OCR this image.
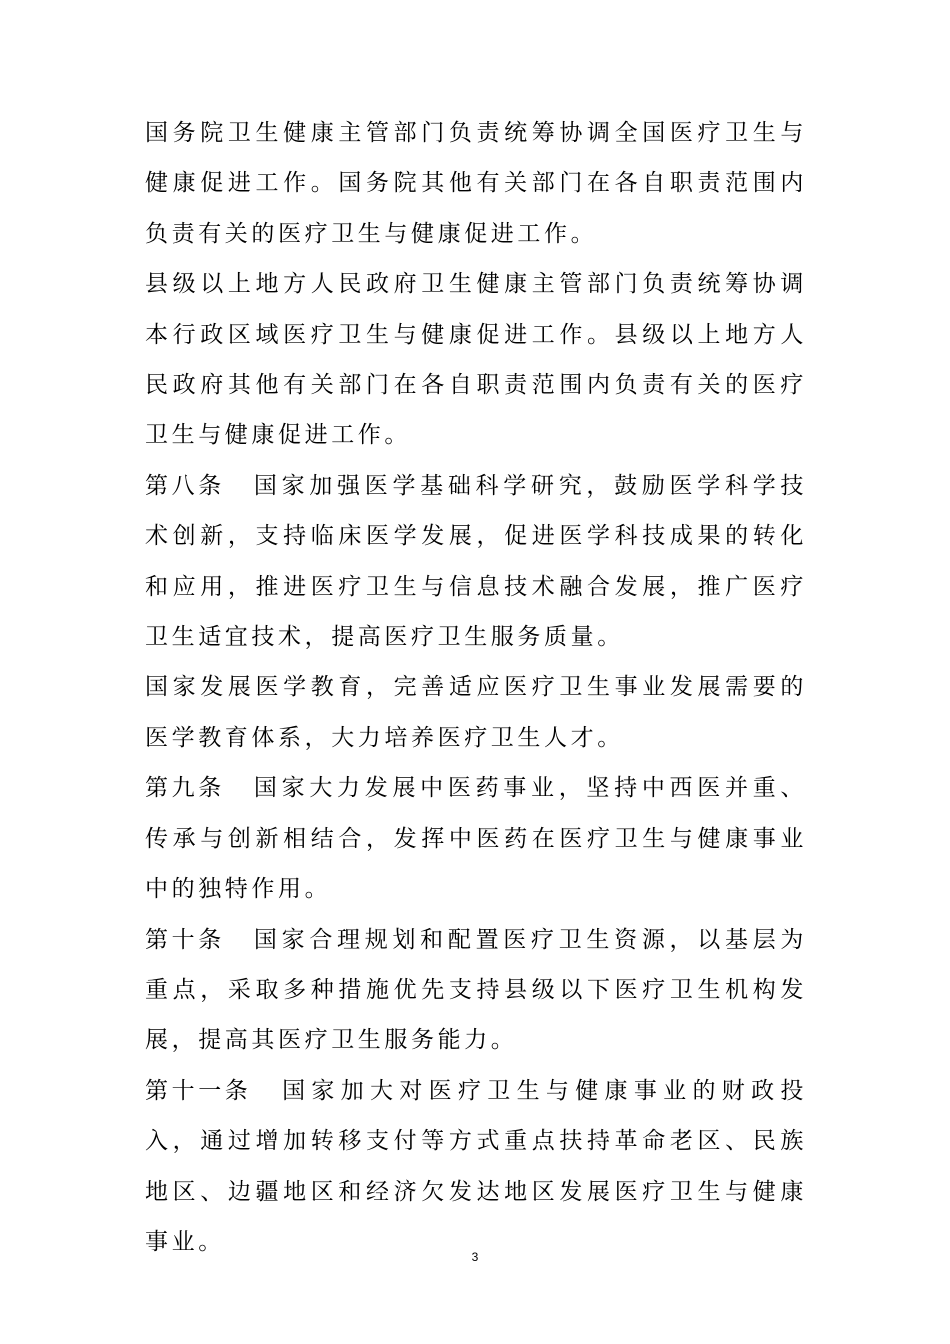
国务院卫生健康主管部门负责统筹协调全国医疗卫生与健康促进工作。国务院其他有关部门在各自职责范围内负责有关的医疗卫生与健康促进工作。

县级以上地方人民政府卫生健康主管部门负责统筹协调本行政区域医疗卫生与健康促进工作。县级以上地方人民政府其他有关部门在各自职责范围内负责有关的医疗卫生与健康促进工作。

第八条 国家加强医学基础科学研究，鼓励医学科学技术创新，支持临床医学发展，促进医学科技成果的转化和应用，推进医疗卫生与信息技术融合发展，推广医疗卫生适宜技术，提高医疗卫生服务质量。

国家发展医学教育，完善适应医疗卫生事业发展需要的医学教育体系，大力培养医疗卫生人才。

第九条 国家大力发展中医药事业，坚持中西医并重、传承与创新相结合，发挥中医药在医疗卫生与健康事业中的独特作用。

第十条 国家合理规划和配置医疗卫生资源，以基层为重点，采取多种措施优先支持县级以下医疗卫生机构发展，提高其医疗卫生服务能力。

第十一条 国家加大对医疗卫生与健康事业的财政投入，通过增加转移支付等方式重点扶持革命老区、民族地区、边疆地区和经济欠发达地区发展医疗卫生与健康事业。

3
